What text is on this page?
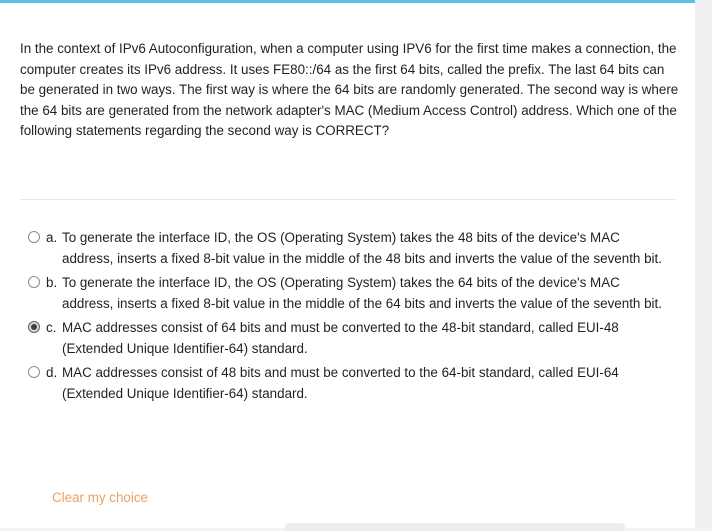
In the context of IPv6 Autoconfiguration, when a computer using IPV6 for the first time makes a connection, the computer creates its IPv6 address. It uses FE80::/64 as the first 64 bits, called the prefix. The last 64 bits can be generated in two ways. The first way is where the 64 bits are randomly generated. The second way is where the 64 bits are generated from the network adapter's MAC (Medium Access Control) address. Which one of the following statements regarding the second way is CORRECT?
a. To generate the interface ID, the OS (Operating System) takes the 48 bits of the device's MAC address, inserts a fixed 8-bit value in the middle of the 48 bits and inverts the value of the seventh bit.
b. To generate the interface ID, the OS (Operating System) takes the 64 bits of the device's MAC address, inserts a fixed 8-bit value in the middle of the 64 bits and inverts the value of the seventh bit.
c. MAC addresses consist of 64 bits and must be converted to the 48-bit standard, called EUI-48 (Extended Unique Identifier-64) standard.
d. MAC addresses consist of 48 bits and must be converted to the 64-bit standard, called EUI-64 (Extended Unique Identifier-64) standard.
Clear my choice
